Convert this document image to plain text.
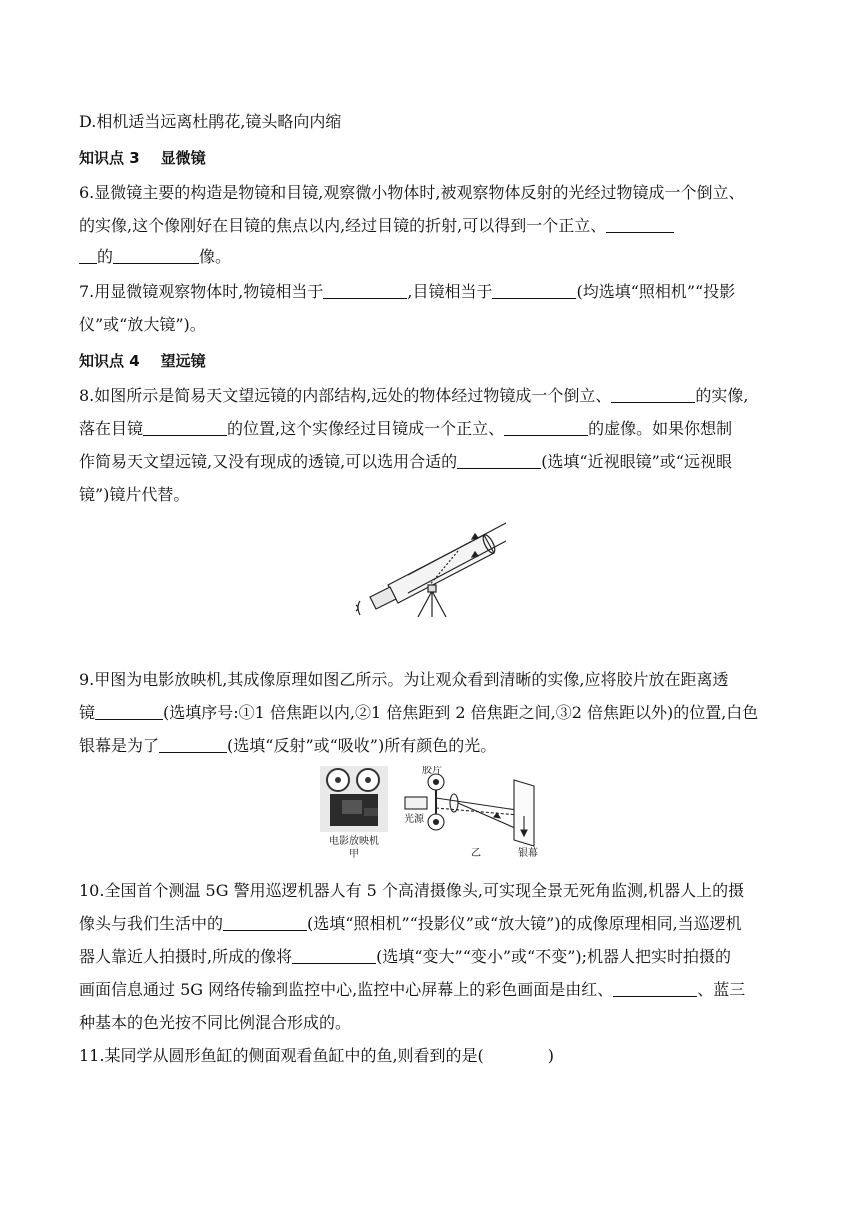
D.相机适当远离杜鹃花,镜头略向内缩
知识点 3 显微镜
6.显微镜主要的构造是物镜和目镜,观察微小物体时,被观察物体反射的光经过物镜成一个倒立、
的实像,这个像刚好在目镜的焦点以内,经过目镜的折射,可以得到一个正立、
的	像。
7.用显微镜观察物体时,物镜相当于	,目镜相当于	(均选填“照相机”“投影
仪”或“放大镜”)。
知识点 4 望远镜
8.如图所示是简易天文望远镜的内部结构,远处的物体经过物镜成一个倒立、	的实像,
落在目镜	的位置,这个实像经过目镜成一个正立、	的虚像。如果你想制
作简易天文望远镜,又没有现成的透镜,可以选用合适的	(选填“近视眼镜”或“远视眼
镜”)镜片代替。
9.甲图为电影放映机,其成像原理如图乙所示。为让观众看到清晰的实像,应将胶片放在距离透
镜	(选填序号:①1 倍焦距以内,②1 倍焦距到 2 倍焦距之间,③2 倍焦距以外)的位置,白色
银幕是为了	(选填“反射”或“吸收”)所有颜色的光。
电影放映机
甲
胶片
光源
银幕
乙
10.全国首个测温 5G 警用巡逻机器人有 5 个高清摄像头,可实现全景无死角监测,机器人上的摄
像头与我们生活中的	(选填“照相机”“投影仪”或“放大镜”)的成像原理相同,当巡逻机
器人靠近人拍摄时,所成的像将	(选填“变大”“变小”或“不变”);机器人把实时拍摄的
画面信息通过 5G 网络传输到监控中心,监控中心屏幕上的彩色画面是由红、	、蓝三
种基本的色光按不同比例混合形成的。
11.某同学从圆形鱼缸的侧面观看鱼缸中的鱼,则看到的是(	)
